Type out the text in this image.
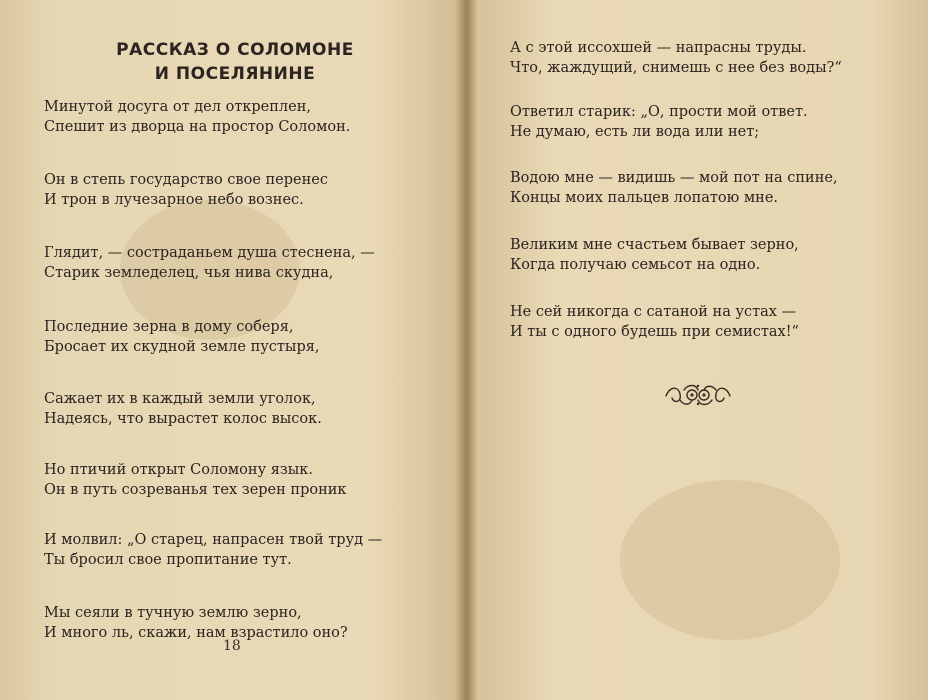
РАССКАЗ О СОЛОМОНЕ
И ПОСЕЛЯНИНЕ

Минутой досуга от дел откреплен,
Спешит из дворца на простор Соломон.

Он в степь государство свое перенес
И трон в лучезарное небо вознес.

Глядит, — состраданьем душа стеснена, —
Старик земледелец, чья нива скудна,

Последние зерна в дому соберя,
Бросает их скудной земле пустыря,

Сажает их в каждый земли уголок,
Надеясь, что вырастет колос высок.

Но птичий открыт Соломону язык.
Он в путь созреванья тех зерен проник

И молвил: „О старец, напрасен твой труд —
Ты бросил свое пропитание тут.

Мы сеяли в тучную землю зерно,
И много ль, скажи, нам взрастило оно?

18

А с этой иссохшей — напрасны труды.
Что, жаждущий, снимешь с нее без воды?“

Ответил старик: „О, прости мой ответ.
Не думаю, есть ли вода или нет;

Водою мне — видишь — мой пот на спине,
Концы моих пальцев лопатою мне.

Великим мне счастьем бывает зерно,
Когда получаю семьсот на одно.

Не сей никогда с сатаной на устах —
И ты с одного будешь при семистах!“
